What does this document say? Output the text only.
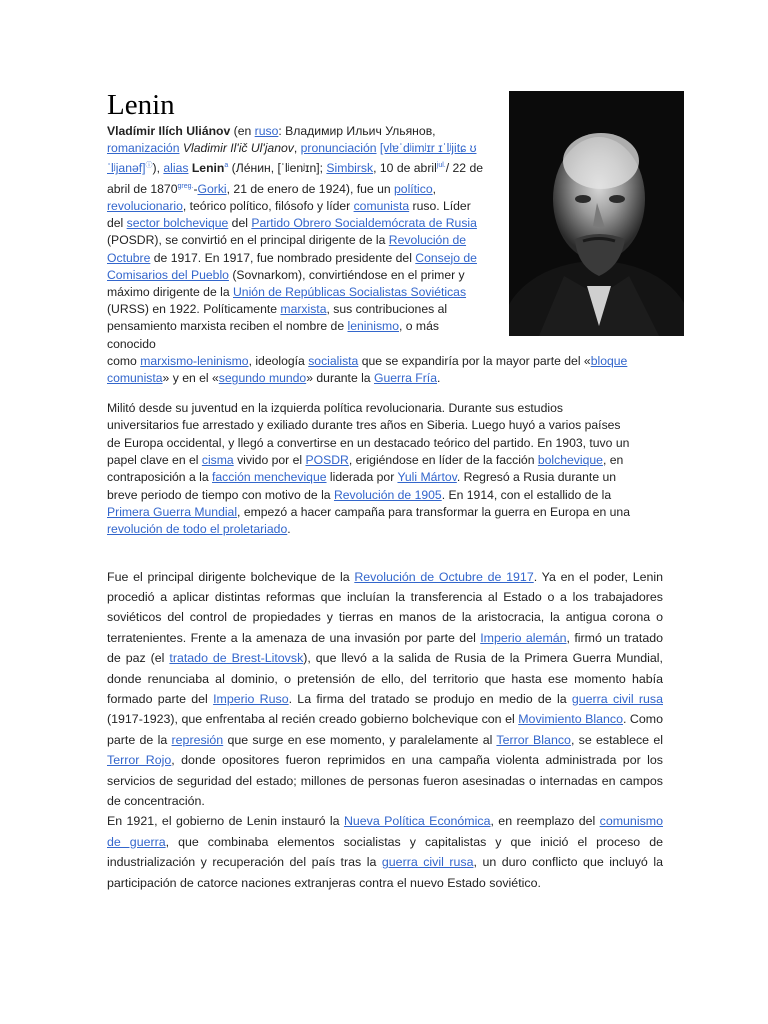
Lenin

Vladímir Ilích Uliánov (en ruso: Владимир Ильич Ульянов, romanización Vladimir Il'ič Ul'janov, pronunciación [vlɐˈdʲimʲɪr ɪˈlʲjitɕ ʊˈlʲjanəf]ⓘ), alias Lenin$^a$ (Ле́нин, [ˈlʲenʲɪn]; Simbirsk, 10 de abril$^{jul.}$/ 22 de abril de $1870^{greg.}$-Gorki, 21 de enero de 1924), fue un político, revolucionario, teórico político, filósofo y líder comunista ruso. Líder del sector bolchevique del Partido Obrero Socialdemócrata de Rusia (POSDR), se convirtió en el principal dirigente de la Revolución de Octubre de 1917. En 1917, fue nombrado presidente del Consejo de Comisarios del Pueblo (Sovnarkom), convirtiéndose en el primer y máximo dirigente de la Unión de Repúblicas Socialistas Soviéticas (URSS) en 1922. Políticamente marxista, sus contribuciones al pensamiento marxista reciben el nombre de leninismo, o más conocido
como marxismo-leninismo, ideología socialista que se expandiría por la mayor parte del «bloque comunista» y en el «segundo mundo» durante la Guerra Fría.

Militó desde su juventud en la izquierda política revolucionaria. Durante sus estudios universitarios fue arrestado y exiliado durante tres años en Siberia. Luego huyó a varios países de Europa occidental, y llegó a convertirse en un destacado teórico del partido. En 1903, tuvo un papel clave en el cisma vivido por el POSDR, erigiéndose en líder de la facción bolchevique, en contraposición a la facción menchevique liderada por Yuli Mártov. Regresó a Rusia durante un breve periodo de tiempo con motivo de la Revolución de 1905. En 1914, con el estallido de la Primera Guerra Mundial, empezó a hacer campaña para transformar la guerra en Europa en una revolución de todo el proletariado.

Fue el principal dirigente bolchevique de la Revolución de Octubre de 1917. Ya en el poder, Lenin procedió a aplicar distintas reformas que incluían la transferencia al Estado o a los trabajadores soviéticos del control de propiedades y tierras en manos de la aristocracia, la antigua corona o terratenientes. Frente a la amenaza de una invasión por parte del Imperio alemán, firmó un tratado de paz (el tratado de Brest-Litovsk), que llevó a la salida de Rusia de la Primera Guerra Mundial, donde renunciaba al dominio, o pretensión de ello, del territorio que hasta ese momento había formado parte del Imperio Ruso. La firma del tratado se produjo en medio de la guerra civil rusa (1917-1923), que enfrentaba al recién creado gobierno bolchevique con el Movimiento Blanco. Como parte de la represión que surge en ese momento, y paralelamente al Terror Blanco, se establece el Terror Rojo, donde opositores fueron reprimidos en una campaña violenta administrada por los servicios de seguridad del estado; millones de personas fueron asesinadas o internadas en campos de concentración.

En 1921, el gobierno de Lenin instauró la Nueva Política Económica, en reemplazo del comunismo de guerra, que combinaba elementos socialistas y capitalistas y que inició el proceso de industrialización y recuperación del país tras la guerra civil rusa, un duro conflicto que incluyó la participación de catorce naciones extranjeras contra el nuevo Estado soviético.
